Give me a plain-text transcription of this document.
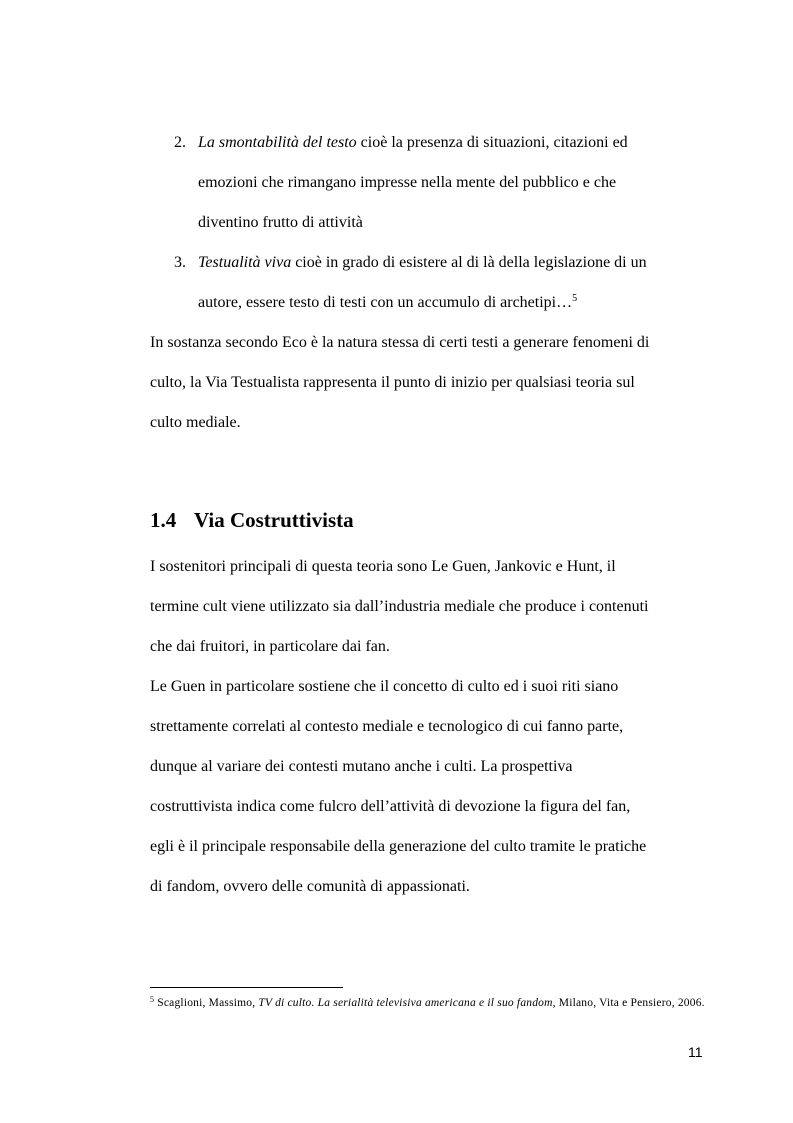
2. La smontabilità del testo cioè la presenza di situazioni, citazioni ed
emozioni che rimangano impresse nella mente del pubblico e che
diventino frutto di attività
3. Testualità viva cioè in grado di esistere al di là della legislazione di un
autore, essere testo di testi con un accumulo di archetipi…$^5$
In sostanza secondo Eco è la natura stessa di certi testi a generare fenomeni di
culto, la Via Testualista rappresenta il punto di inizio per qualsiasi teoria sul
culto mediale.
1.4 Via Costruttivista
I sostenitori principali di questa teoria sono Le Guen, Jankovic e Hunt, il
termine cult viene utilizzato sia dall’industria mediale che produce i contenuti
che dai fruitori, in particolare dai fan.
Le Guen in particolare sostiene che il concetto di culto ed i suoi riti siano
strettamente correlati al contesto mediale e tecnologico di cui fanno parte,
dunque al variare dei contesti mutano anche i culti. La prospettiva
costruttivista indica come fulcro dell’attività di devozione la figura del fan,
egli è il principale responsabile della generazione del culto tramite le pratiche
di fandom, ovvero delle comunità di appassionati.
$^5$ Scaglioni, Massimo, TV di culto. La serialità televisiva americana e il suo fandom, Milano, Vita e Pensiero, 2006.
11
